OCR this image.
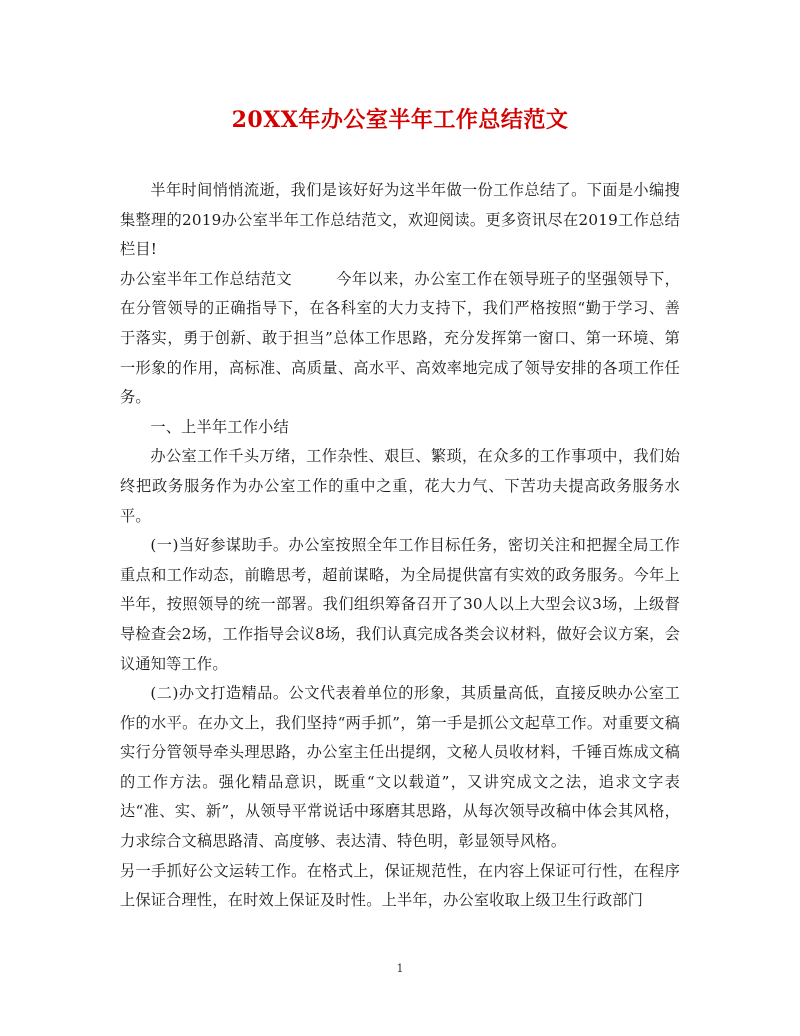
20XX年办公室半年工作总结范文

半年时间悄悄流逝，我们是该好好为这半年做一份工作总结了。下面是小编搜集整理的2019办公室半年工作总结范文，欢迎阅读。更多资讯尽在2019工作总结栏目!

办公室半年工作总结范文	今年以来，办公室工作在领导班子的坚强领导下，在分管领导的正确指导下，在各科室的大力支持下，我们严格按照“勤于学习、善于落实，勇于创新、敢于担当”总体工作思路，充分发挥第一窗口、第一环境、第一形象的作用，高标准、高质量、高水平、高效率地完成了领导安排的各项工作任务。

一、上半年工作小结

办公室工作千头万绪，工作杂性、艰巨、繁琐，在众多的工作事项中，我们始终把政务服务作为办公室工作的重中之重，花大力气、下苦功夫提高政务服务水平。

(一)当好参谋助手。办公室按照全年工作目标任务，密切关注和把握全局工作重点和工作动态，前瞻思考，超前谋略，为全局提供富有实效的政务服务。今年上半年，按照领导的统一部署。我们组织筹备召开了30人以上大型会议3场，上级督导检查会2场，工作指导会议8场，我们认真完成各类会议材料，做好会议方案，会议通知等工作。

(二)办文打造精品。公文代表着单位的形象，其质量高低，直接反映办公室工作的水平。在办文上，我们坚持“两手抓”，第一手是抓公文起草工作。对重要文稿实行分管领导牵头理思路，办公室主任出提纲，文秘人员收材料，千锤百炼成文稿的工作方法。强化精品意识，既重“文以载道”，又讲究成文之法，追求文字表达“准、实、新”，从领导平常说话中琢磨其思路，从每次领导改稿中体会其风格，力求综合文稿思路清、高度够、表达清、特色明，彰显领导风格。

另一手抓好公文运转工作。在格式上，保证规范性，在内容上保证可行性，在程序上保证合理性，在时效上保证及时性。上半年，办公室收取上级卫生行政部门

1
